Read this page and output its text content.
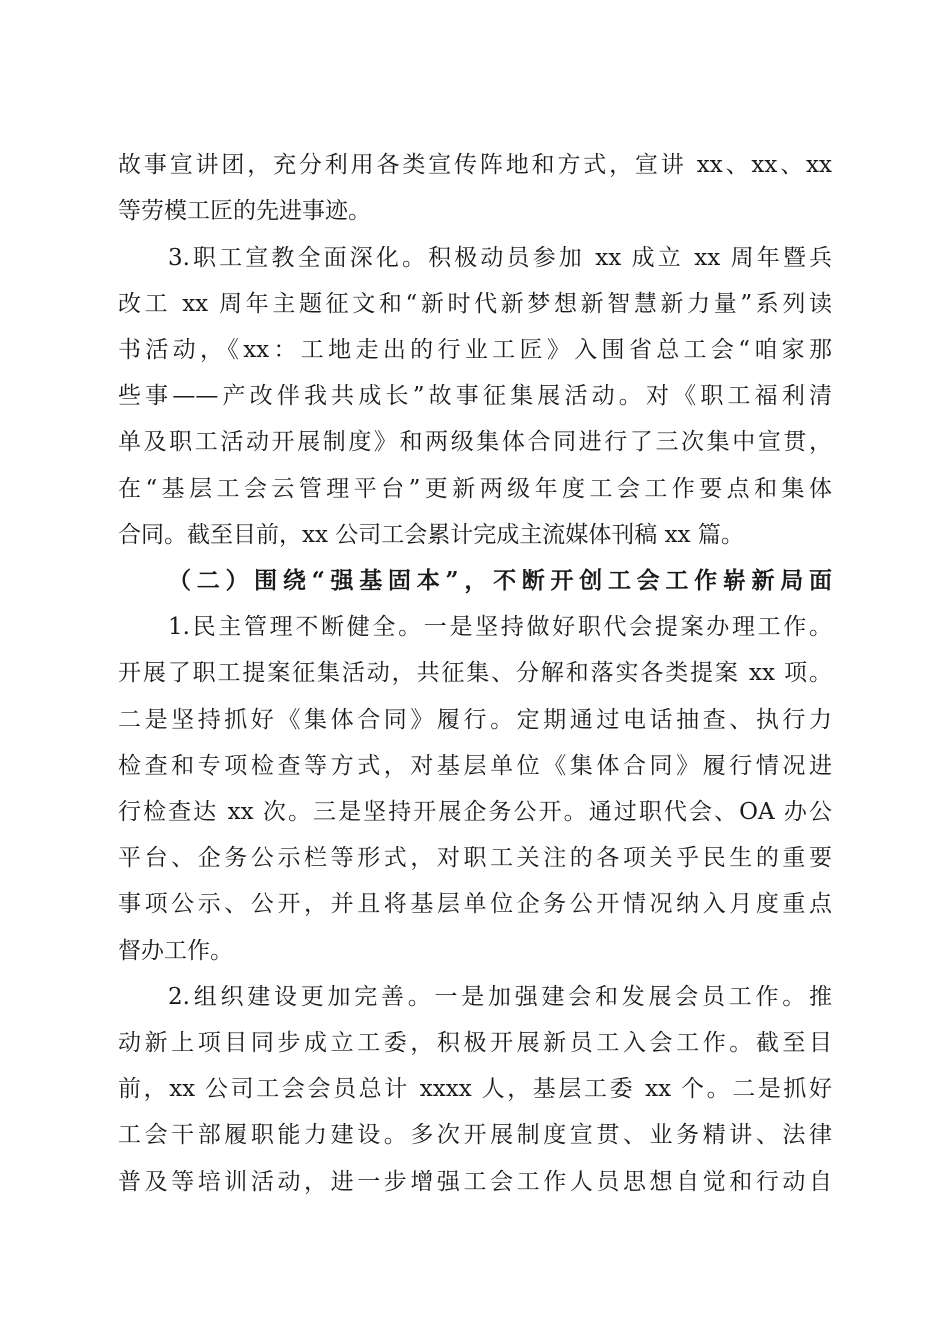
故事宣讲团，充分利用各类宣传阵地和方式，宣讲 xx、xx、xx
等劳模工匠的先进事迹。
3.职工宣教全面深化。积极动员参加 xx 成立 xx 周年暨兵
改工 xx 周年主题征文和“新时代新梦想新智慧新力量”系列读
书活动，《xx：工地走出的行业工匠》入围省总工会“咱家那
些事——产改伴我共成长”故事征集展活动。对《职工福利清
单及职工活动开展制度》和两级集体合同进行了三次集中宣贯，
在“基层工会云管理平台”更新两级年度工会工作要点和集体
合同。截至目前，xx 公司工会累计完成主流媒体刊稿 xx 篇。
（二）围绕“强基固本”，不断开创工会工作崭新局面
1.民主管理不断健全。一是坚持做好职代会提案办理工作。
开展了职工提案征集活动，共征集、分解和落实各类提案 xx 项。
二是坚持抓好《集体合同》履行。定期通过电话抽查、执行力
检查和专项检查等方式，对基层单位《集体合同》履行情况进
行检查达 xx 次。三是坚持开展企务公开。通过职代会、OA 办公
平台、企务公示栏等形式，对职工关注的各项关乎民生的重要
事项公示、公开，并且将基层单位企务公开情况纳入月度重点
督办工作。
2.组织建设更加完善。一是加强建会和发展会员工作。推
动新上项目同步成立工委，积极开展新员工入会工作。截至目
前，xx 公司工会会员总计 xxxx 人，基层工委 xx 个。二是抓好
工会干部履职能力建设。多次开展制度宣贯、业务精讲、法律
普及等培训活动，进一步增强工会工作人员思想自觉和行动自
